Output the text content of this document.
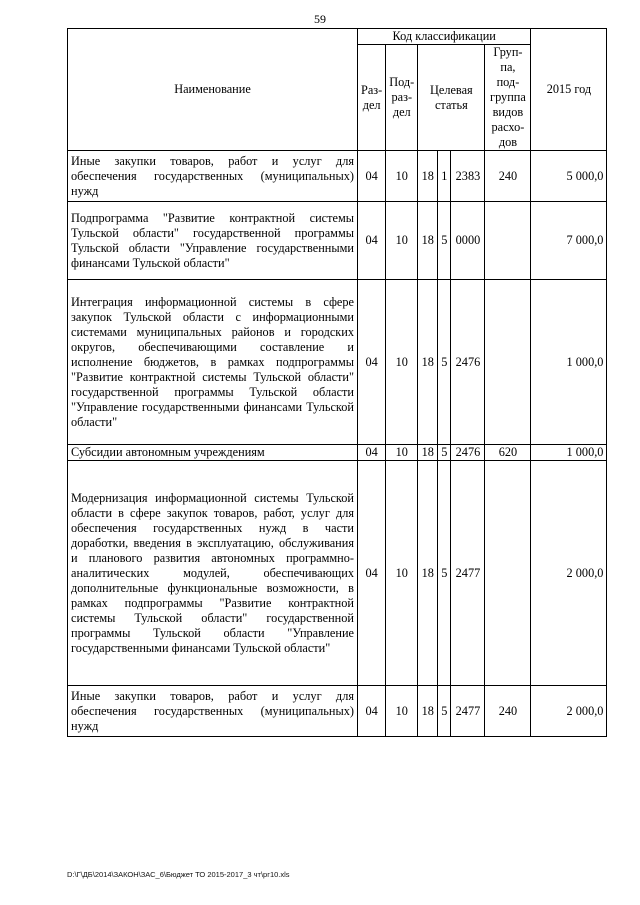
59
Наименование	Код классификации						2015 год
	Раз-дел	Под-раз-дел	Целевая статья			Груп-па, под-группа видов расхо-дов	
Иные закупки товаров, работ и услуг для обеспечения государственных (муниципальных) нужд	04	10	18	1	2383	240	5 000,0
Подпрограмма "Развитие контрактной системы Тульской области" государственной программы Тульской области "Управление государственными финансами Тульской области"	04	10	18	5	0000		7 000,0
Интеграция информационной системы в сфере закупок Тульской области с информационными системами муниципальных районов и городских округов, обеспечивающими составление и исполнение бюджетов, в рамках подпрограммы "Развитие контрактной системы Тульской области" государственной программы Тульской области "Управление государственными финансами Тульской области"	04	10	18	5	2476		1 000,0
Субсидии автономным учреждениям	04	10	18	5	2476	620	1 000,0
Модернизация информационной системы Тульской области в сфере закупок товаров, работ, услуг для обеспечения государственных нужд в части доработки, введения в эксплуатацию, обслуживания и планового развития автономных программно-аналитических модулей, обеспечивающих дополнительные функциональные возможности, в рамках подпрограммы "Развитие контрактной системы Тульской области" государственной программы Тульской области "Управление государственными финансами Тульской области"	04	10	18	5	2477		2 000,0
Иные закупки товаров, работ и услуг для обеспечения государственных (муниципальных) нужд	04	10	18	5	2477	240	2 000,0
D:\Г\ДБ\2014\ЗАКОН\ЗАС_6\Бюджет ТО 2015-2017_3 чт\рг10.xls
